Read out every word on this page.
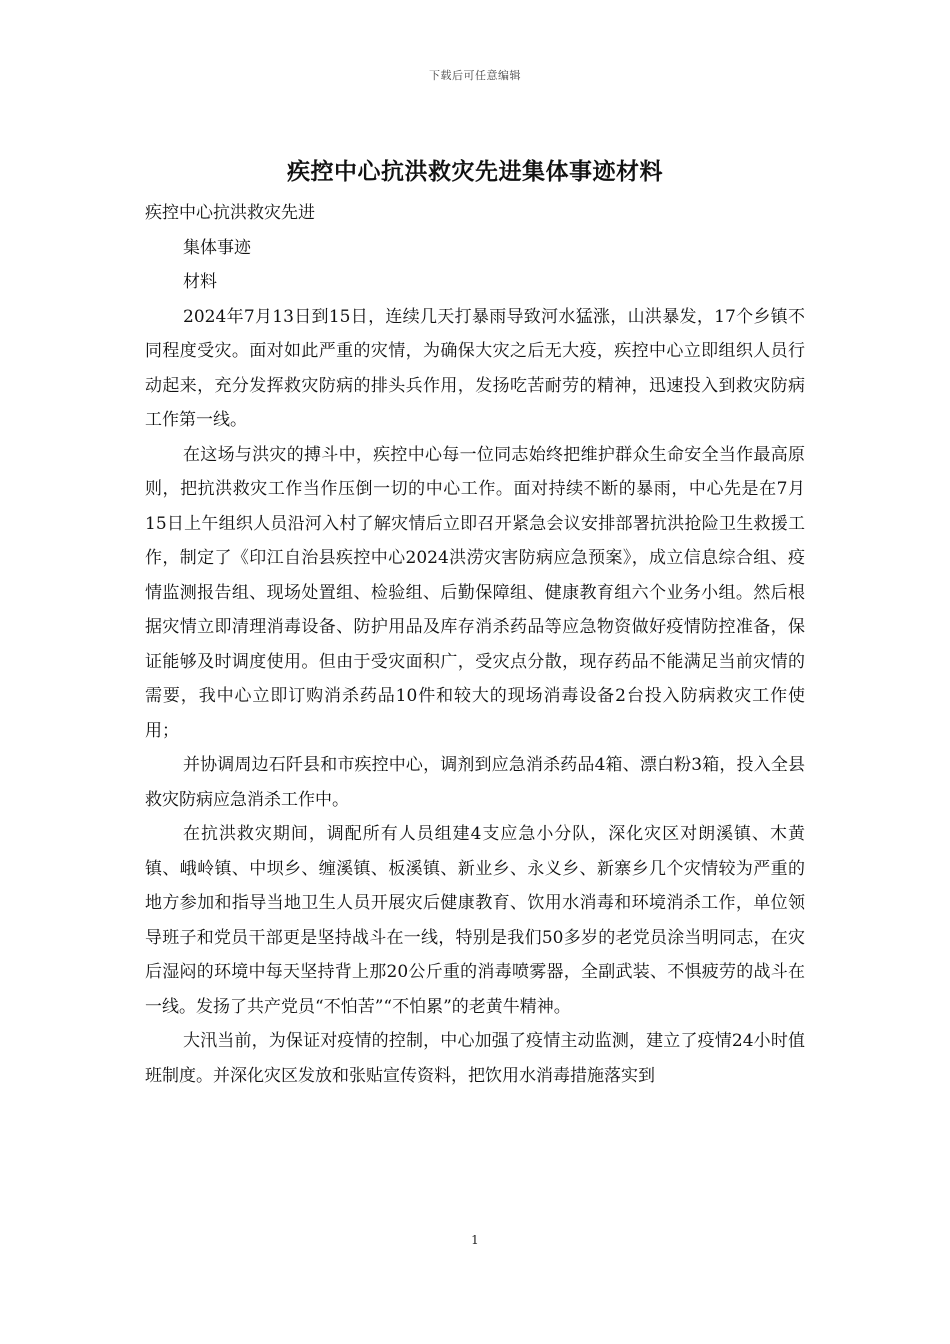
下载后可任意编辑
疾控中心抗洪救灾先进集体事迹材料

疾控中心抗洪救灾先进

集体事迹

材料

2024年7月13日到15日，连续几天打暴雨导致河水猛涨，山洪暴发，17个乡镇不同程度受灾。面对如此严重的灾情，为确保大灾之后无大疫，疾控中心立即组织人员行动起来，充分发挥救灾防病的排头兵作用，发扬吃苦耐劳的精神，迅速投入到救灾防病工作第一线。

在这场与洪灾的搏斗中，疾控中心每一位同志始终把维护群众生命安全当作最高原则，把抗洪救灾工作当作压倒一切的中心工作。面对持续不断的暴雨，中心先是在7月15日上午组织人员沿河入村了解灾情后立即召开紧急会议安排部署抗洪抢险卫生救援工作，制定了《印江自治县疾控中心2024洪涝灾害防病应急预案》，成立信息综合组、疫情监测报告组、现场处置组、检验组、后勤保障组、健康教育组六个业务小组。然后根据灾情立即清理消毒设备、防护用品及库存消杀药品等应急物资做好疫情防控准备，保证能够及时调度使用。但由于受灾面积广，受灾点分散，现存药品不能满足当前灾情的需要，我中心立即订购消杀药品10件和较大的现场消毒设备2台投入防病救灾工作使用；

并协调周边石阡县和市疾控中心，调剂到应急消杀药品4箱、漂白粉3箱，投入全县救灾防病应急消杀工作中。

在抗洪救灾期间，调配所有人员组建4支应急小分队，深化灾区对朗溪镇、木黄镇、峨岭镇、中坝乡、缠溪镇、板溪镇、新业乡、永义乡、新寨乡几个灾情较为严重的地方参加和指导当地卫生人员开展灾后健康教育、饮用水消毒和环境消杀工作，单位领导班子和党员干部更是坚持战斗在一线，特别是我们50多岁的老党员涂当明同志，在灾后湿闷的环境中每天坚持背上那20公斤重的消毒喷雾器，全副武装、不惧疲劳的战斗在一线。发扬了共产党员“不怕苦”“不怕累”的老黄牛精神。

大汛当前，为保证对疫情的控制，中心加强了疫情主动监测，建立了疫情24小时值班制度。并深化灾区发放和张贴宣传资料，把饮用水消毒措施落实到

1
